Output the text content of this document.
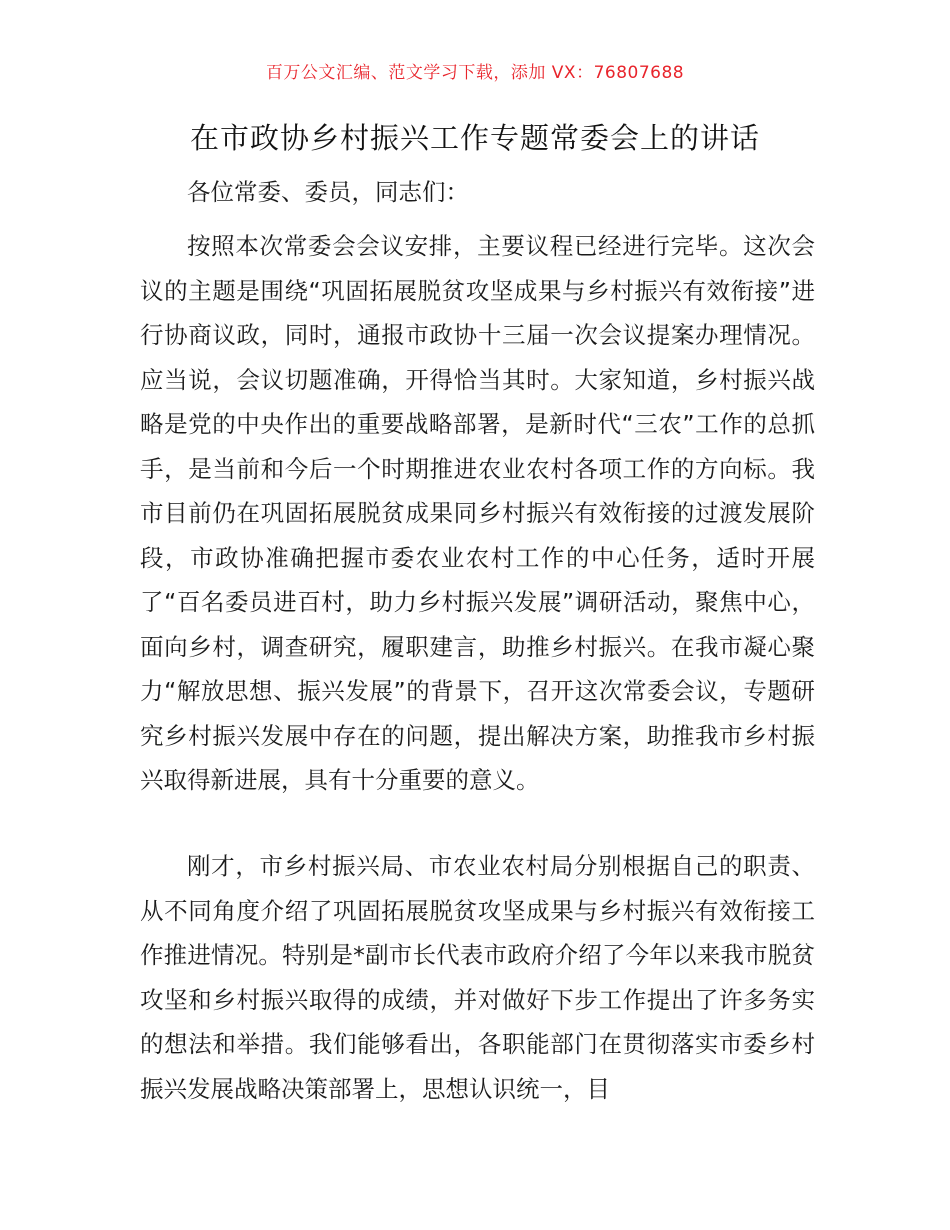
百万公文汇编、范文学习下载，添加 VX：76807688
在市政协乡村振兴工作专题常委会上的讲话

各位常委、委员，同志们：

按照本次常委会会议安排，主要议程已经进行完毕。这次会议的主题是围绕“巩固拓展脱贫攻坚成果与乡村振兴有效衔接”进行协商议政，同时，通报市政协十三届一次会议提案办理情况。应当说，会议切题准确，开得恰当其时。大家知道，乡村振兴战略是党的中央作出的重要战略部署，是新时代“三农”工作的总抓手，是当前和今后一个时期推进农业农村各项工作的方向标。我市目前仍在巩固拓展脱贫成果同乡村振兴有效衔接的过渡发展阶段，市政协准确把握市委农业农村工作的中心任务，适时开展了“百名委员进百村，助力乡村振兴发展”调研活动，聚焦中心，面向乡村，调查研究，履职建言，助推乡村振兴。在我市凝心聚力“解放思想、振兴发展”的背景下，召开这次常委会议，专题研究乡村振兴发展中存在的问题，提出解决方案，助推我市乡村振兴取得新进展，具有十分重要的意义。

刚才，市乡村振兴局、市农业农村局分别根据自己的职责、从不同角度介绍了巩固拓展脱贫攻坚成果与乡村振兴有效衔接工作推进情况。特别是*副市长代表市政府介绍了今年以来我市脱贫攻坚和乡村振兴取得的成绩，并对做好下步工作提出了许多务实的想法和举措。我们能够看出，各职能部门在贯彻落实市委乡村振兴发展战略决策部署上，思想认识统一，目
